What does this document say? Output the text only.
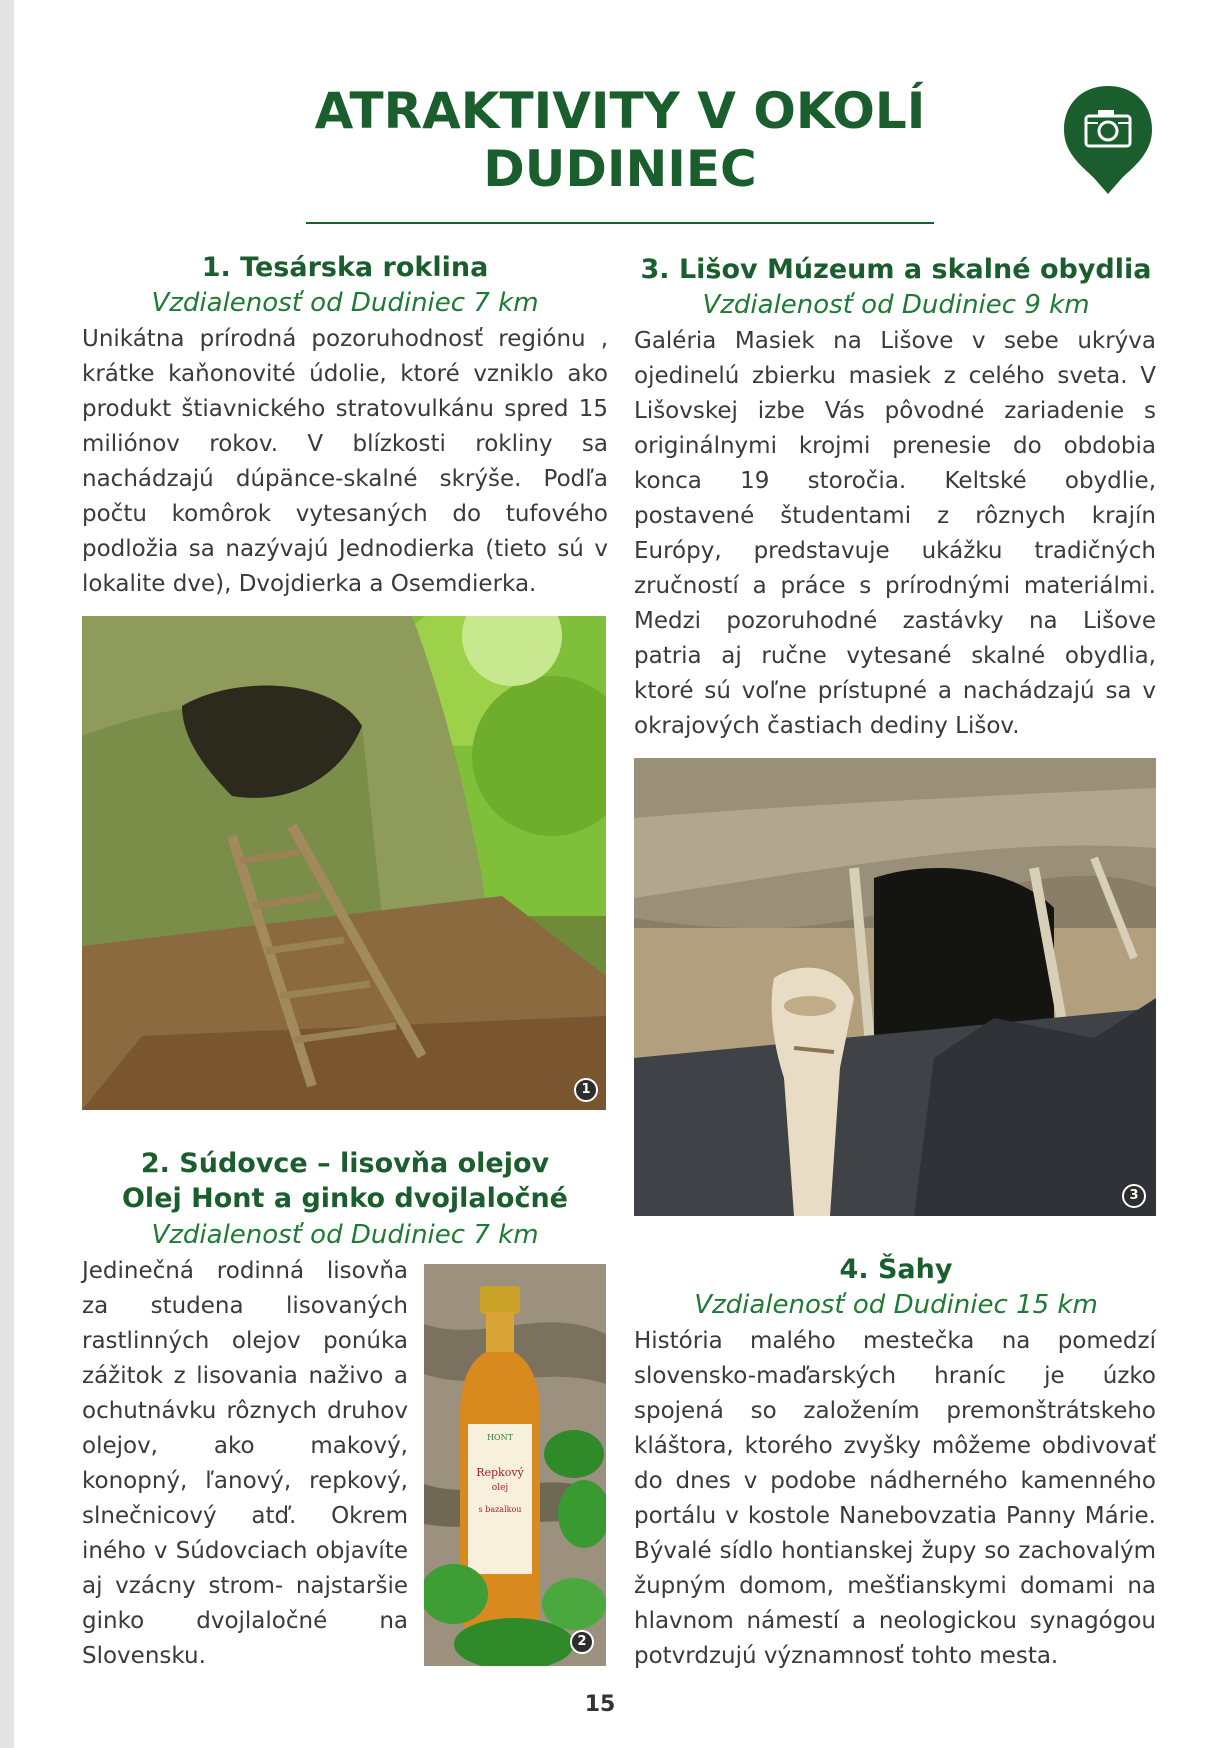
ATRAKTIVITY V OKOLÍ
DUDINIEC
1. Tesárska roklina
Vzdialenosť od Dudiniec 7 km

Unikátna prírodná pozoruhodnosť regiónu , krátke kaňonovité údolie, ktoré vzniklo ako produkt štiavnického stratovulkánu spred 15 miliónov rokov. V blízkosti rokliny sa nachádzajú dúpänce-skalné skrýše. Podľa počtu komôrok vytesaných do tufového podložia sa nazývajú Jednodierka (tieto sú v lokalite dve), Dvojdierka a Osemdierka.

1
2. Súdovce – lisovňa olejov
Olej Hont a ginko dvojlaločné
Vzdialenosť od Dudiniec 7 km

Jedinečná rodinná lisovňa za studena lisovaných rastlinných olejov ponúka zážitok z lisovania naživo a ochutnávku rôznych druhov olejov, ako makový, konopný, ľanový, repkový, slnečnicový atď. Okrem iného v Súdovciach objavíte aj vzácny strom- najstaršie ginko dvojlaločné na Slovensku.

HONT
Repkový
olej
s bazalkou
2
3. Lišov Múzeum a skalné obydlia
Vzdialenosť od Dudiniec 9 km

Galéria Masiek na Lišove v sebe ukrýva ojedinelú zbierku masiek z celého sveta. V Lišovskej izbe Vás pôvodné zariadenie s originálnymi krojmi prenesie do obdobia konca 19 storočia. Keltské obydlie, postavené študentami z rôznych krajín Európy, predstavuje ukážku tradičných zručností a práce s prírodnými materiálmi. Medzi pozoruhodné zastávky na Lišove patria aj ručne vytesané skalné obydlia, ktoré sú voľne prístupné a nachádzajú sa v okrajových častiach dediny Lišov.

3
4. Šahy
Vzdialenosť od Dudiniec 15 km

História malého mestečka na pomedzí slovensko-maďarských hraníc je úzko spojená so založením premonštrátskeho kláštora, ktorého zvyšky môžeme obdivovať do dnes v podobe nádherného kamenného portálu v kostole Nanebovzatia Panny Márie. Bývalé sídlo hontianskej župy so zachovalým župným domom, mešťianskymi domami na hlavnom námestí a neologickou synagógou potvrdzujú významnosť tohto mesta.

15
